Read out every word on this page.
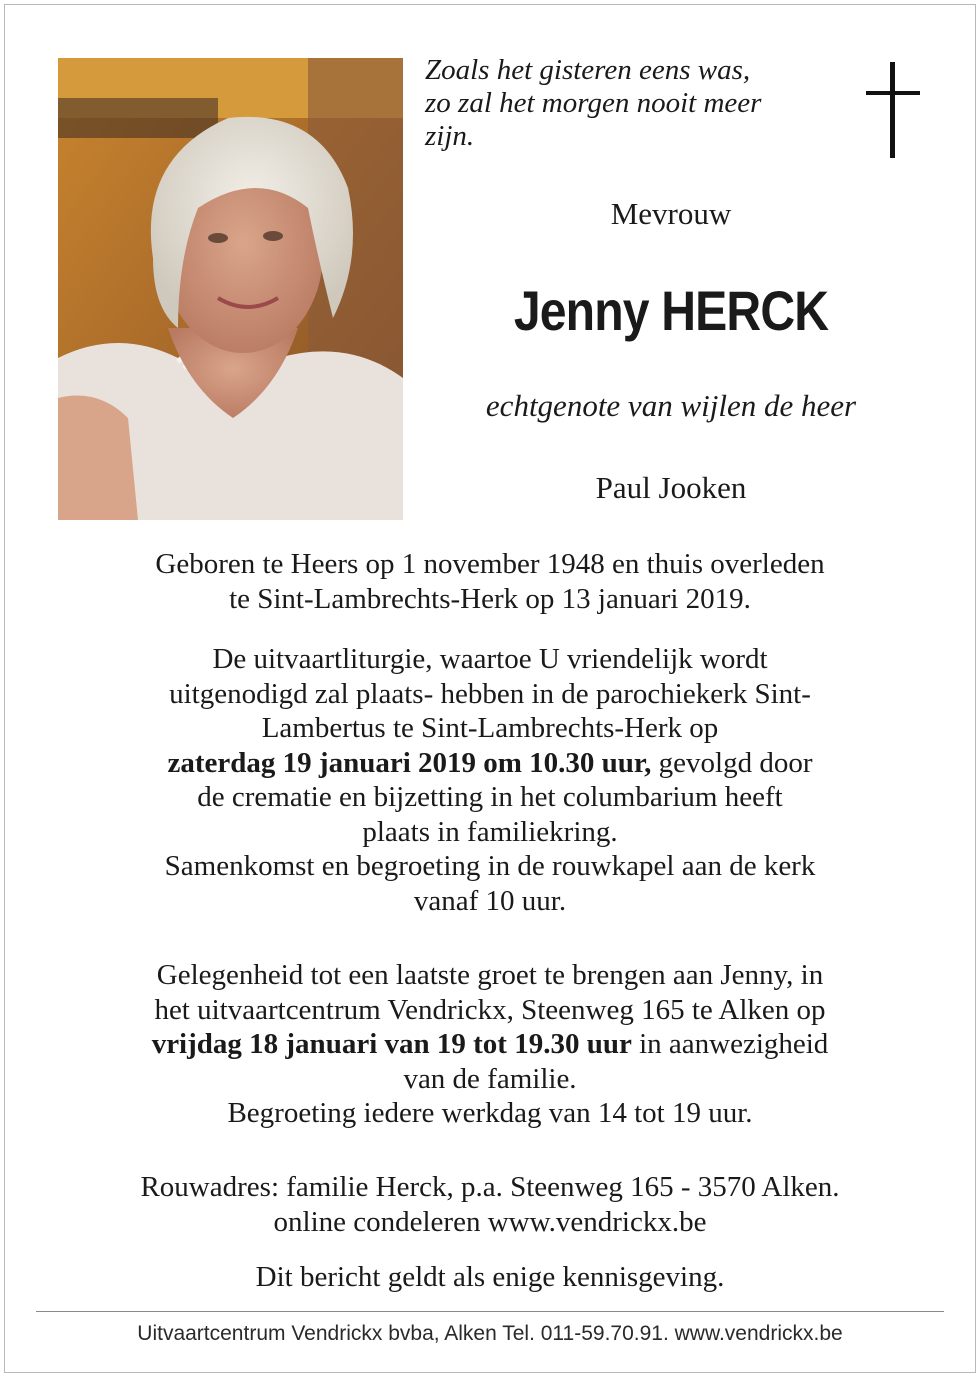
Zoals het gisteren eens was,
zo zal het morgen nooit meer
zijn.
Mevrouw
Jenny HERCK
echtgenote van wijlen de heer
Paul Jooken
Geboren te Heers op 1 november 1948 en thuis overleden
te Sint-Lambrechts-Herk op 13 januari 2019.
De uitvaartliturgie, waartoe U vriendelijk wordt
uitgenodigd zal plaats- hebben in de parochiekerk Sint-
Lambertus te Sint-Lambrechts-Herk op
zaterdag 19 januari 2019 om 10.30 uur, gevolgd door
de crematie en bijzetting in het columbarium heeft
plaats in familiekring.
Samenkomst en begroeting in de rouwkapel aan de kerk
vanaf 10 uur.
Gelegenheid tot een laatste groet te brengen aan Jenny, in
het uitvaartcentrum Vendrickx, Steenweg 165 te Alken op
vrijdag 18 januari van 19 tot 19.30 uur in aanwezigheid
van de familie.
Begroeting iedere werkdag van 14 tot 19 uur.
Rouwadres: familie Herck, p.a. Steenweg 165 - 3570 Alken.
online condeleren www.vendrickx.be
Dit bericht geldt als enige kennisgeving.
Uitvaartcentrum Vendrickx bvba, Alken Tel. 011-59.70.91. www.vendrickx.be
